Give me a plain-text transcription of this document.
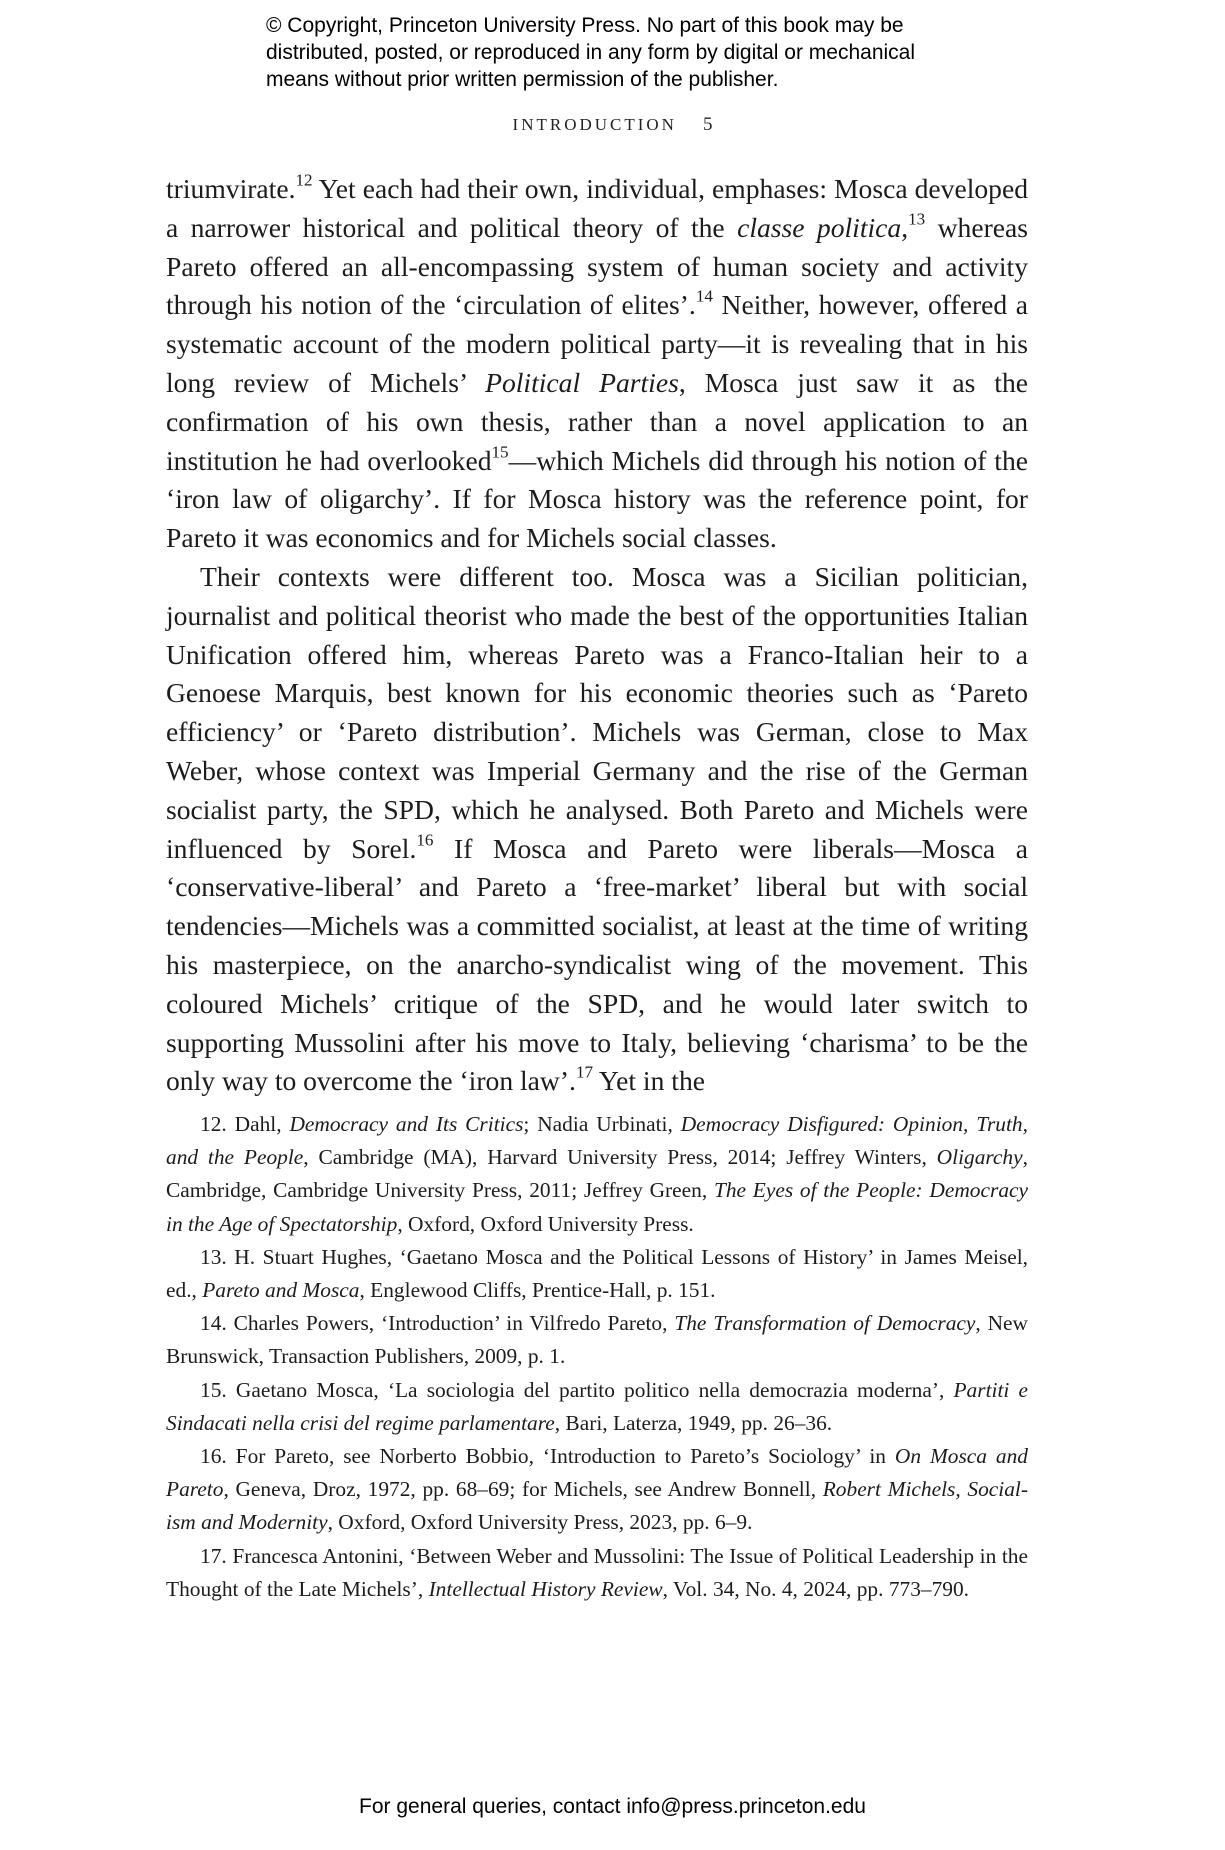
© Copyright, Princeton University Press. No part of this book may be

distributed, posted, or reproduced in any form by digital or mechanical

means without prior written permission of the publisher.

INTRODUCTION 5

triumvirate.$^{12}$ Yet each had their own, individual, emphases: Mosca developed a narrower historical and political theory of the classe politica,$^{13}$ whereas Pareto offered an all-encompassing system of human society and activity through his notion of the ‘circulation of elites’.$^{14}$ Neither, however, offered a systematic account of the modern political party—it is revealing that in his long review of Michels’ Political Parties, Mosca just saw it as the confirmation of his own thesis, rather than a novel application to an institution he had overlooked$^{15}$—which Michels did through his notion of the ‘iron law of oligarchy’. If for Mosca history was the reference point, for Pareto it was economics and for Michels social classes.

Their contexts were different too. Mosca was a Sicilian politician, journalist and political theorist who made the best of the opportunities Italian Unification offered him, whereas Pareto was a Franco-Italian heir to a Genoese Marquis, best known for his economic theories such as ‘Pareto efficiency’ or ‘Pareto distribution’. Michels was German, close to Max Weber, whose context was Imperial Germany and the rise of the German socialist party, the SPD, which he analysed. Both Pareto and Michels were influenced by Sorel.$^{16}$ If Mosca and Pareto were liberals—Mosca a ‘conservative-liberal’ and Pareto a ‘free-market’ liberal but with social tendencies—Michels was a committed socialist, at least at the time of writing his masterpiece, on the anarcho-syndicalist wing of the movement. This coloured Michels’ critique of the SPD, and he would later switch to supporting Mussolini after his move to Italy, believing ‘charisma’ to be the only way to overcome the ‘iron law’.$^{17}$ Yet in the

12. Dahl, Democracy and Its Critics; Nadia Urbinati, Democracy Disfigured: Opinion, Truth, and the People, Cambridge (MA), Harvard University Press, 2014; Jeffrey Winters, Oligarchy, Cambridge, Cambridge University Press, 2011; Jeffrey Green, The Eyes of the People: Democracy in the Age of Spectatorship, Oxford, Oxford University Press.

13. H. Stuart Hughes, ‘Gaetano Mosca and the Political Lessons of History’ in James Meisel, ed., Pareto and Mosca, Englewood Cliffs, Prentice-Hall, p. 151.

14. Charles Powers, ‘Introduction’ in Vilfredo Pareto, The Transformation of Democracy, New Brunswick, Transaction Publishers, 2009, p. 1.

15. Gaetano Mosca, ‘La sociologia del partito politico nella democrazia moderna’, Partiti e Sindacati nella crisi del regime parlamentare, Bari, Laterza, 1949, pp. 26–36.

16. For Pareto, see Norberto Bobbio, ‘Introduction to Pareto’s Sociology’ in On Mosca and Pareto, Geneva, Droz, 1972, pp. 68–69; for Michels, see Andrew Bonnell, Robert Michels, Socialism and Modernity, Oxford, Oxford University Press, 2023, pp. 6–9.

17. Francesca Antonini, ‘Between Weber and Mussolini: The Issue of Political Leadership in the Thought of the Late Michels’, Intellectual History Review, Vol. 34, No. 4, 2024, pp. 773–790.

For general queries, contact info@press.princeton.edu
